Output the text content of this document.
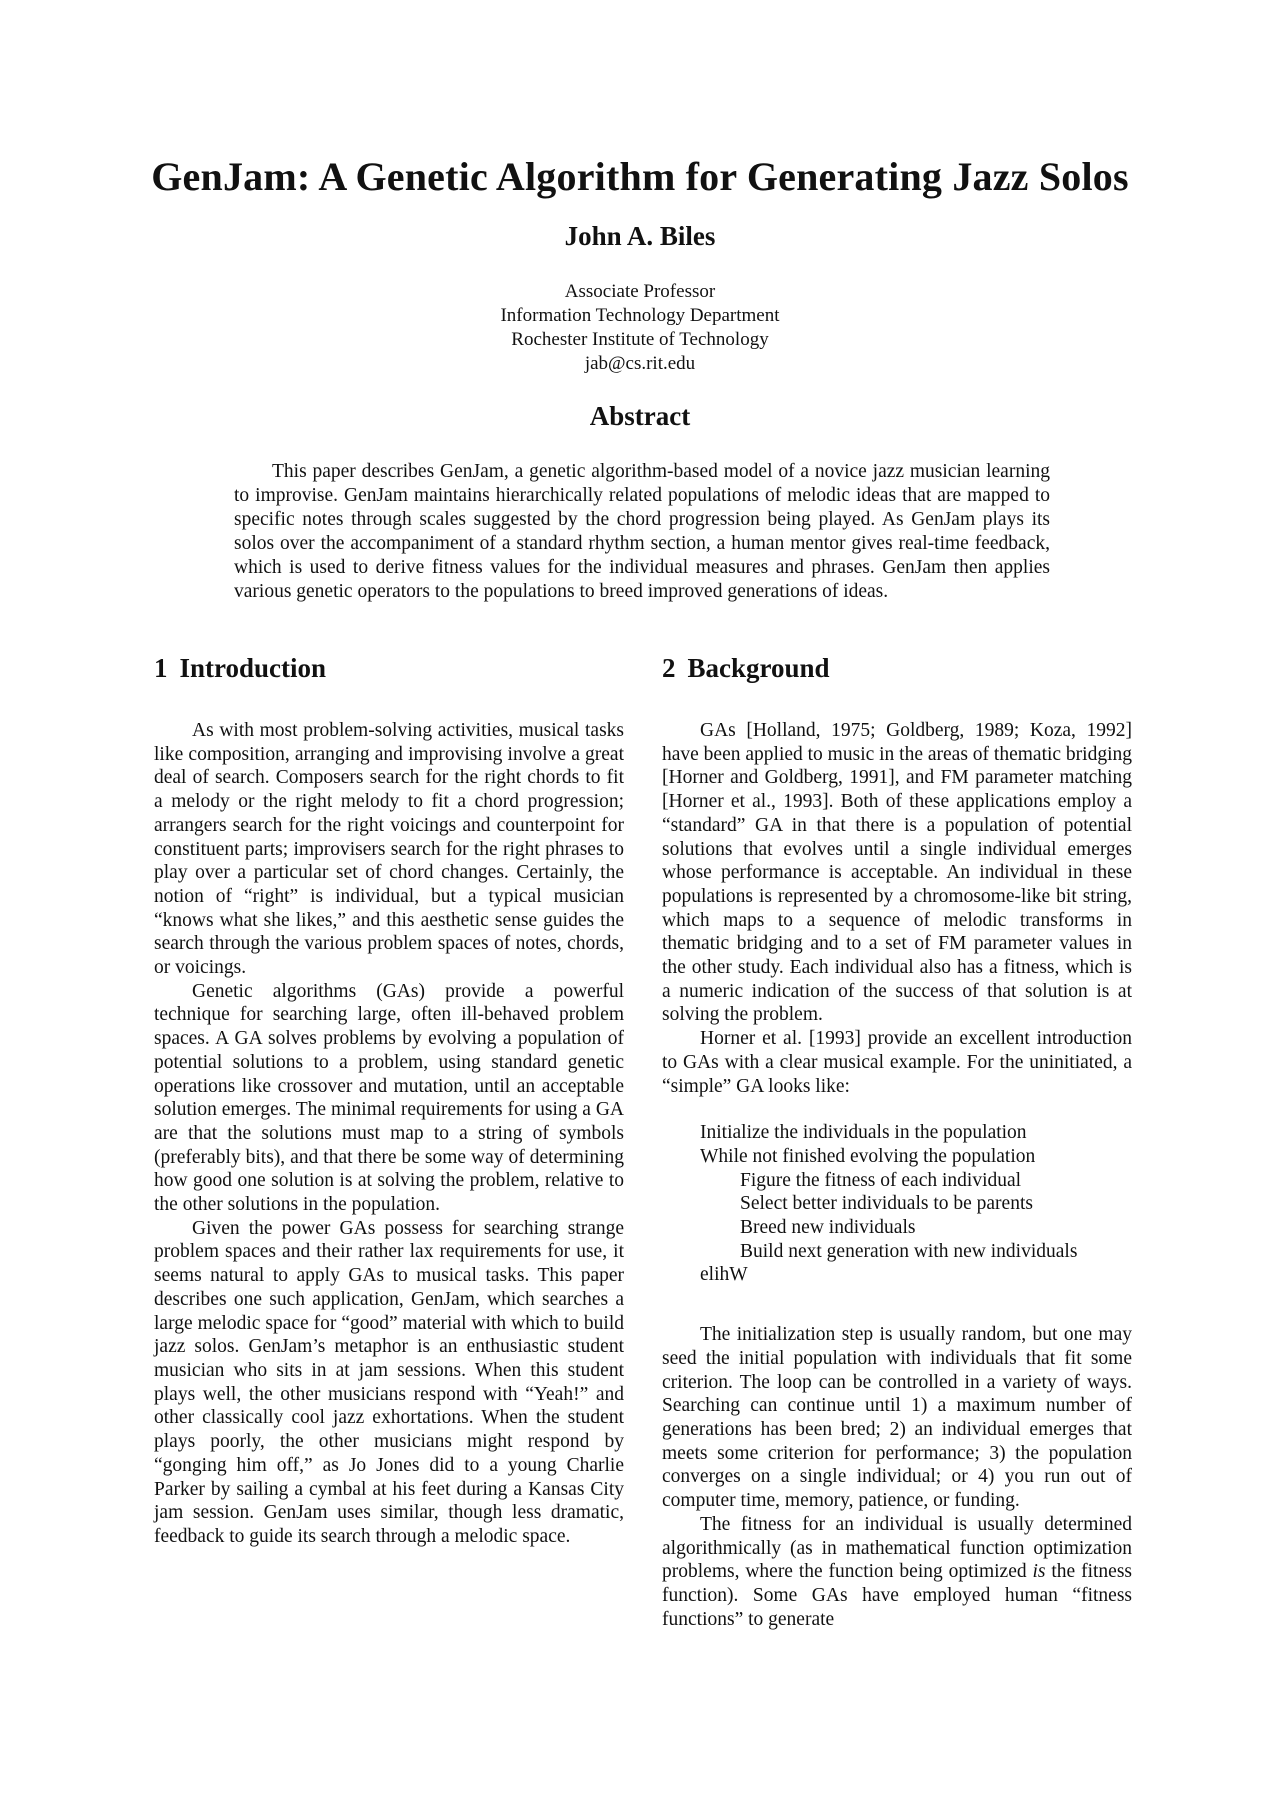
GenJam: A Genetic Algorithm for Generating Jazz Solos
John A. Biles
Associate Professor
Information Technology Department
Rochester Institute of Technology
jab@cs.rit.edu
Abstract

This paper describes GenJam, a genetic algorithm-based model of a novice jazz musician learning to improvise. GenJam maintains hierarchically related populations of melodic ideas that are mapped to specific notes through scales suggested by the chord progression being played. As GenJam plays its solos over the accompaniment of a standard rhythm section, a human mentor gives real-time feedback, which is used to derive fitness values for the individual measures and phrases. GenJam then applies various genetic operators to the populations to breed improved generations of ideas.

1 Introduction

As with most problem-solving activities, musical tasks like composition, arranging and improvising involve a great deal of search. Composers search for the right chords to fit a melody or the right melody to fit a chord progression; arrangers search for the right voicings and counterpoint for constituent parts; improvisers search for the right phrases to play over a particular set of chord changes. Certainly, the notion of “right” is individual, but a typical musician “knows what she likes,” and this aesthetic sense guides the search through the various problem spaces of notes, chords, or voicings.

Genetic algorithms (GAs) provide a powerful technique for searching large, often ill-behaved problem spaces. A GA solves problems by evolving a population of potential solutions to a problem, using standard genetic operations like crossover and mutation, until an acceptable solution emerges. The minimal requirements for using a GA are that the solutions must map to a string of symbols (preferably bits), and that there be some way of determining how good one solution is at solving the problem, relative to the other solutions in the population.

Given the power GAs possess for searching strange problem spaces and their rather lax requirements for use, it seems natural to apply GAs to musical tasks. This paper describes one such application, GenJam, which searches a large melodic space for “good” material with which to build jazz solos. GenJam’s metaphor is an enthusiastic student musician who sits in at jam sessions. When this student plays well, the other musicians respond with “Yeah!” and other classically cool jazz exhortations. When the student plays poorly, the other musicians might respond by “gonging him off,” as Jo Jones did to a young Charlie Parker by sailing a cymbal at his feet during a Kansas City jam session. GenJam uses similar, though less dramatic, feedback to guide its search through a melodic space.

2 Background

GAs [Holland, 1975; Goldberg, 1989; Koza, 1992] have been applied to music in the areas of thematic bridging [Horner and Goldberg, 1991], and FM parameter matching [Horner et al., 1993]. Both of these applications employ a “standard” GA in that there is a population of potential solutions that evolves until a single individual emerges whose performance is acceptable. An individual in these populations is represented by a chromosome-like bit string, which maps to a sequence of melodic transforms in thematic bridging and to a set of FM parameter values in the other study. Each individual also has a fitness, which is a numeric indication of the success of that solution is at solving the problem.

Horner et al. [1993] provide an excellent introduction to GAs with a clear musical example. For the uninitiated, a “simple” GA looks like:

Initialize the individuals in the population
While not finished evolving the population
Figure the fitness of each individual
Select better individuals to be parents
Breed new individuals
Build next generation with new individuals
elihW

The initialization step is usually random, but one may seed the initial population with individuals that fit some criterion. The loop can be controlled in a variety of ways. Searching can continue until 1) a maximum number of generations has been bred; 2) an individual emerges that meets some criterion for performance; 3) the population converges on a single individual; or 4) you run out of computer time, memory, patience, or funding.

The fitness for an individual is usually determined algorithmically (as in mathematical function optimization problems, where the function being optimized is the fitness function). Some GAs have employed human “fitness functions” to generate
